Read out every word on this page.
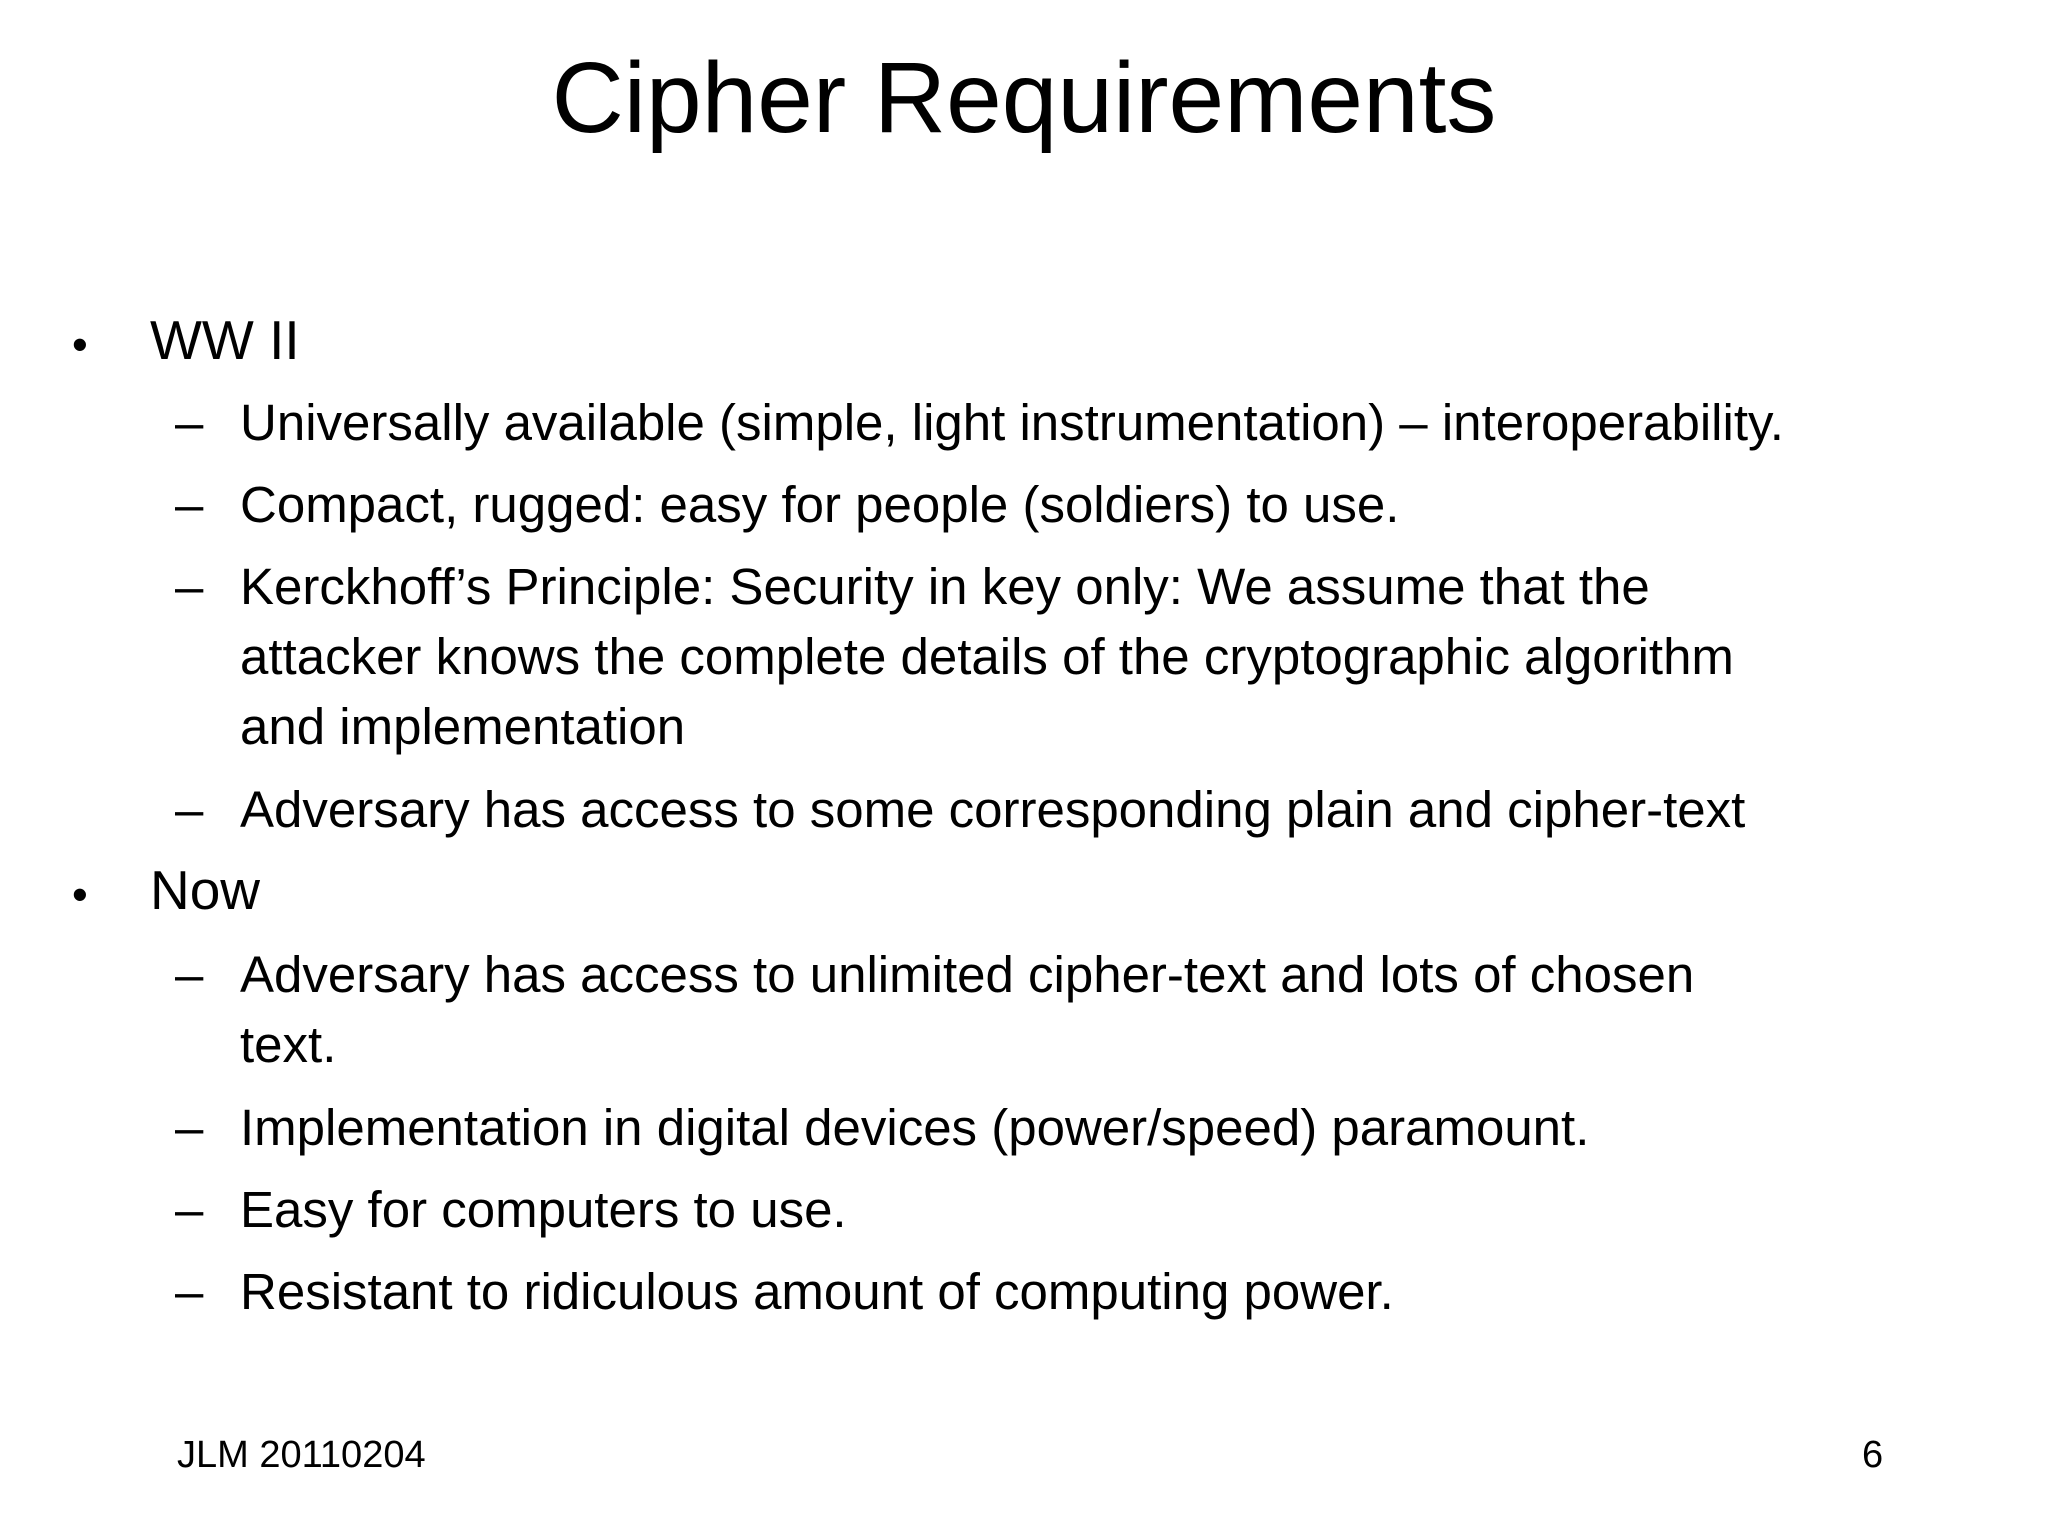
Cipher Requirements
• WW II
– Universally available (simple, light instrumentation) – interoperability.
– Compact, rugged: easy for people (soldiers) to use.
– Kerckhoff’s Principle: Security in key only: We assume that the
attacker knows the complete details of the cryptographic algorithm
and implementation
– Adversary has access to some corresponding plain and cipher-text
• Now
– Adversary has access to unlimited cipher-text and lots of chosen
text.
– Implementation in digital devices (power/speed) paramount.
– Easy for computers to use.
– Resistant to ridiculous amount of computing power.
JLM 20110204	6
